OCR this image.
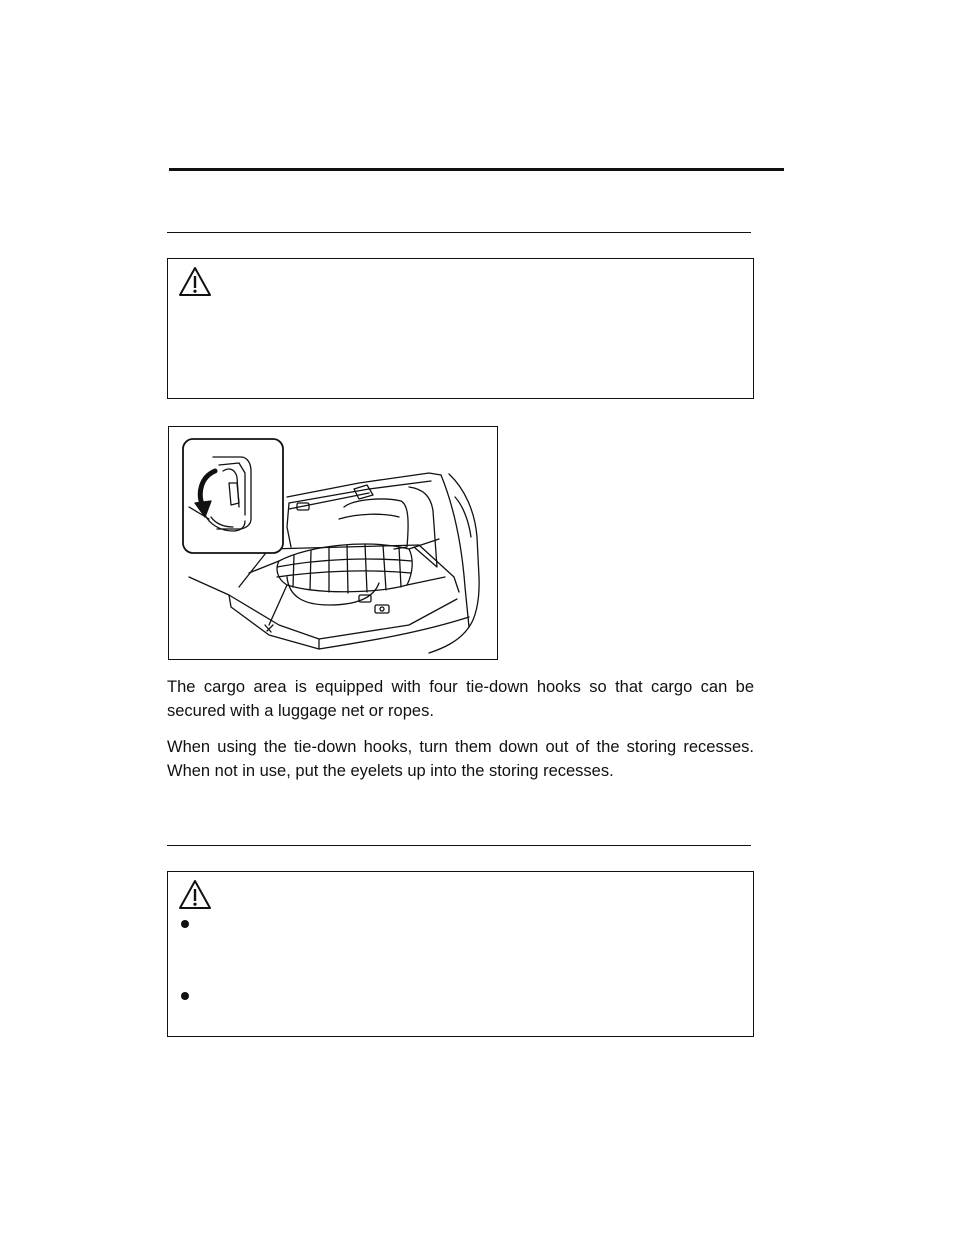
The cargo area is equipped with four tie-down hooks so that cargo can be secured with a luggage net or ropes.

When using the tie-down hooks, turn them down out of the storing recesses. When not in use, put the eyelets up into the storing recesses.
